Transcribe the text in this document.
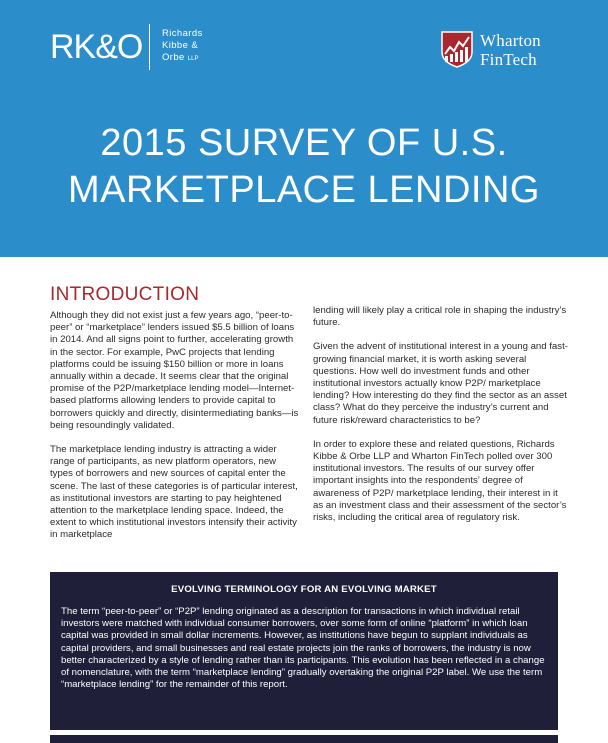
RK&O Richards
Kibbe &
Orbe LLP
Wharton
FinTech
2015 SURVEY OF U.S.
MARKETPLACE LENDING
INTRODUCTION

Although they did not exist just a few years ago, “peer-to-peer” or “marketplace” lenders issued $5.5 billion of loans in 2014. And all signs point to further, accelerating growth in the sector. For example, PwC projects that lending platforms could be issuing $150 billion or more in loans annually within a decade. It seems clear that the original promise of the P2P/marketplace lending model—Internet-based platforms allowing lenders to provide capital to borrowers quickly and directly, disintermediating banks—is being resoundingly validated.

The marketplace lending industry is attracting a wider range of participants, as new platform operators, new types of borrowers and new sources of capital enter the scene. The last of these categories is of particular interest, as institutional investors are starting to pay heightened attention to the marketplace lending space. Indeed, the extent to which institutional investors intensify their activity in marketplace

lending will likely play a critical role in shaping the industry’s future.

Given the advent of institutional interest in a young and fast-growing financial market, it is worth asking several questions. How well do investment funds and other institutional investors actually know P2P/ marketplace lending? How interesting do they find the sector as an asset class? What do they perceive the industry’s current and future risk/reward characteristics to be?

In order to explore these and related questions, Richards Kibbe & Orbe LLP and Wharton FinTech polled over 300 institutional investors. The results of our survey offer important insights into the respondents’ degree of awareness of P2P/ marketplace lending, their interest in it as an investment class and their assessment of the sector’s risks, including the critical area of regulatory risk.

EVOLVING TERMINOLOGY FOR AN EVOLVING MARKET
The term “peer-to-peer” or “P2P” lending originated as a description for transactions in which individual retail investors were matched with individual consumer borrowers, over some form of online “platform” in which loan capital was provided in small dollar increments. However, as institutions have begun to supplant individuals as capital providers, and small businesses and real estate projects join the ranks of borrowers, the industry is now better characterized by a style of lending rather than its participants. This evolution has been reflected in a change of nomenclature, with the term “marketplace lending” gradually overtaking the original P2P label. We use the term “marketplace lending” for the remainder of this report.
